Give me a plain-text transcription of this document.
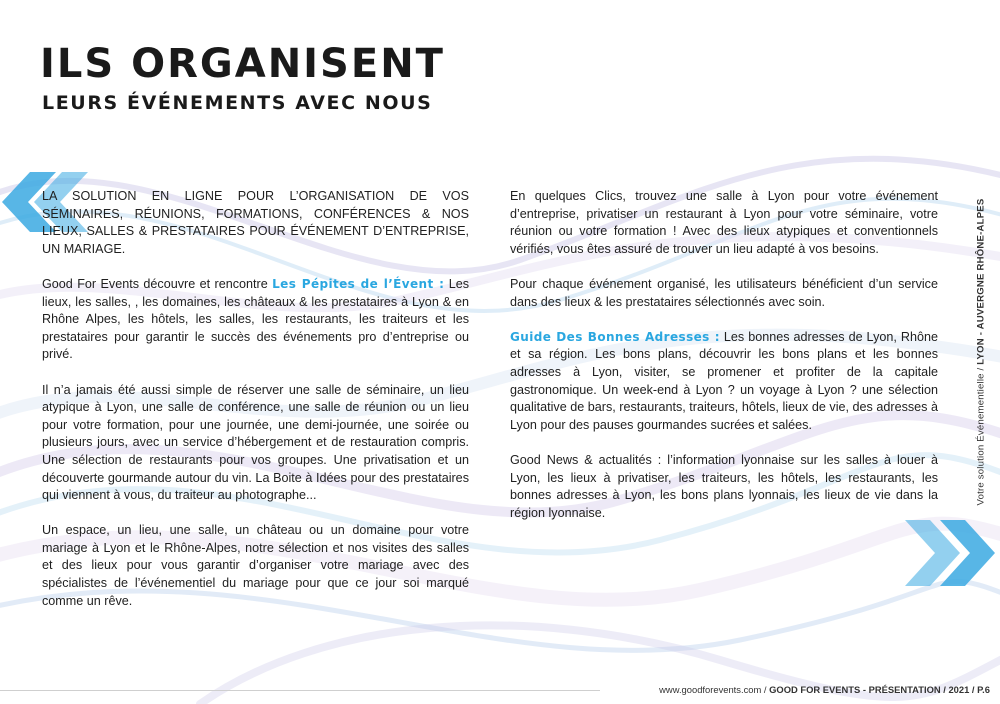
ILS ORGANISENT
LEURS ÉVÉNEMENTS AVEC NOUS

LA SOLUTION EN LIGNE POUR L’ORGANISATION DE VOS SÉMINAIRES, RÉUNIONS, FORMATIONS, CONFÉRENCES & NOS LIEUX, SALLES & PRESTATAIRES POUR ÉVÉNEMENT D’ENTREPRISE, UN MARIAGE.

Good For Events découvre et rencontre Les Pépites de l’Évent : Les lieux, les salles, , les domaines, les châteaux & les prestataires à Lyon & en Rhône Alpes, les hôtels, les salles, les restaurants, les traiteurs et les prestataires pour garantir le succès des événements pro d’entreprise ou privé.

Il n’a jamais été aussi simple de réserver une salle de séminaire, un lieu atypique à Lyon, une salle de conférence, une salle de réunion ou un lieu pour votre formation, pour une journée, une demi-journée, une soirée ou plusieurs jours, avec un service d’hébergement et de restauration compris. Une sélection de restaurants pour vos groupes. Une privatisation et un découverte gourmande autour du vin. La Boite à Idées pour des prestataires qui viennent à vous, du traiteur au photographe...

Un espace, un lieu, une salle, un château ou un domaine pour votre mariage à Lyon et le Rhône-Alpes, notre sélection et nos visites des salles et des lieux pour vous garantir d’organiser votre mariage avec des spécialistes de l’événementiel du mariage pour que ce jour soi marqué comme un rêve.

En quelques Clics, trouvez une salle à Lyon pour votre événement d’entreprise, privatiser un restaurant à Lyon pour votre séminaire, votre réunion ou votre formation ! Avec des lieux atypiques et conventionnels vérifiés, vous êtes assuré de trouver un lieu adapté à vos besoins.

Pour chaque événement organisé, les utilisateurs bénéficient d’un service dans des lieux & les prestataires sélectionnés avec soin.

Guide Des Bonnes Adresses : Les bonnes adresses de Lyon, Rhône et sa région. Les bons plans, découvrir les bons plans et les bonnes adresses à Lyon, visiter, se promener et profiter de la capitale gastronomique. Un week-end à Lyon ? un voyage à Lyon ? une sélection qualitative de bars, restaurants, traiteurs, hôtels, lieux de vie, des adresses à Lyon pour des pauses gourmandes sucrées et salées.

Good News & actualités : l’information lyonnaise sur les salles à louer à Lyon, les lieux à privatiser, les traiteurs, les hôtels, les restaurants, les bonnes adresses à Lyon, les bons plans lyonnais, les lieux de vie dans la région lyonnaise.

Votre solution Événementielle / LYON - AUVERGNE RHÔNE-ALPES
www.goodforevents.com / GOOD FOR EVENTS - PRÉSENTATION / 2021 / P.6
